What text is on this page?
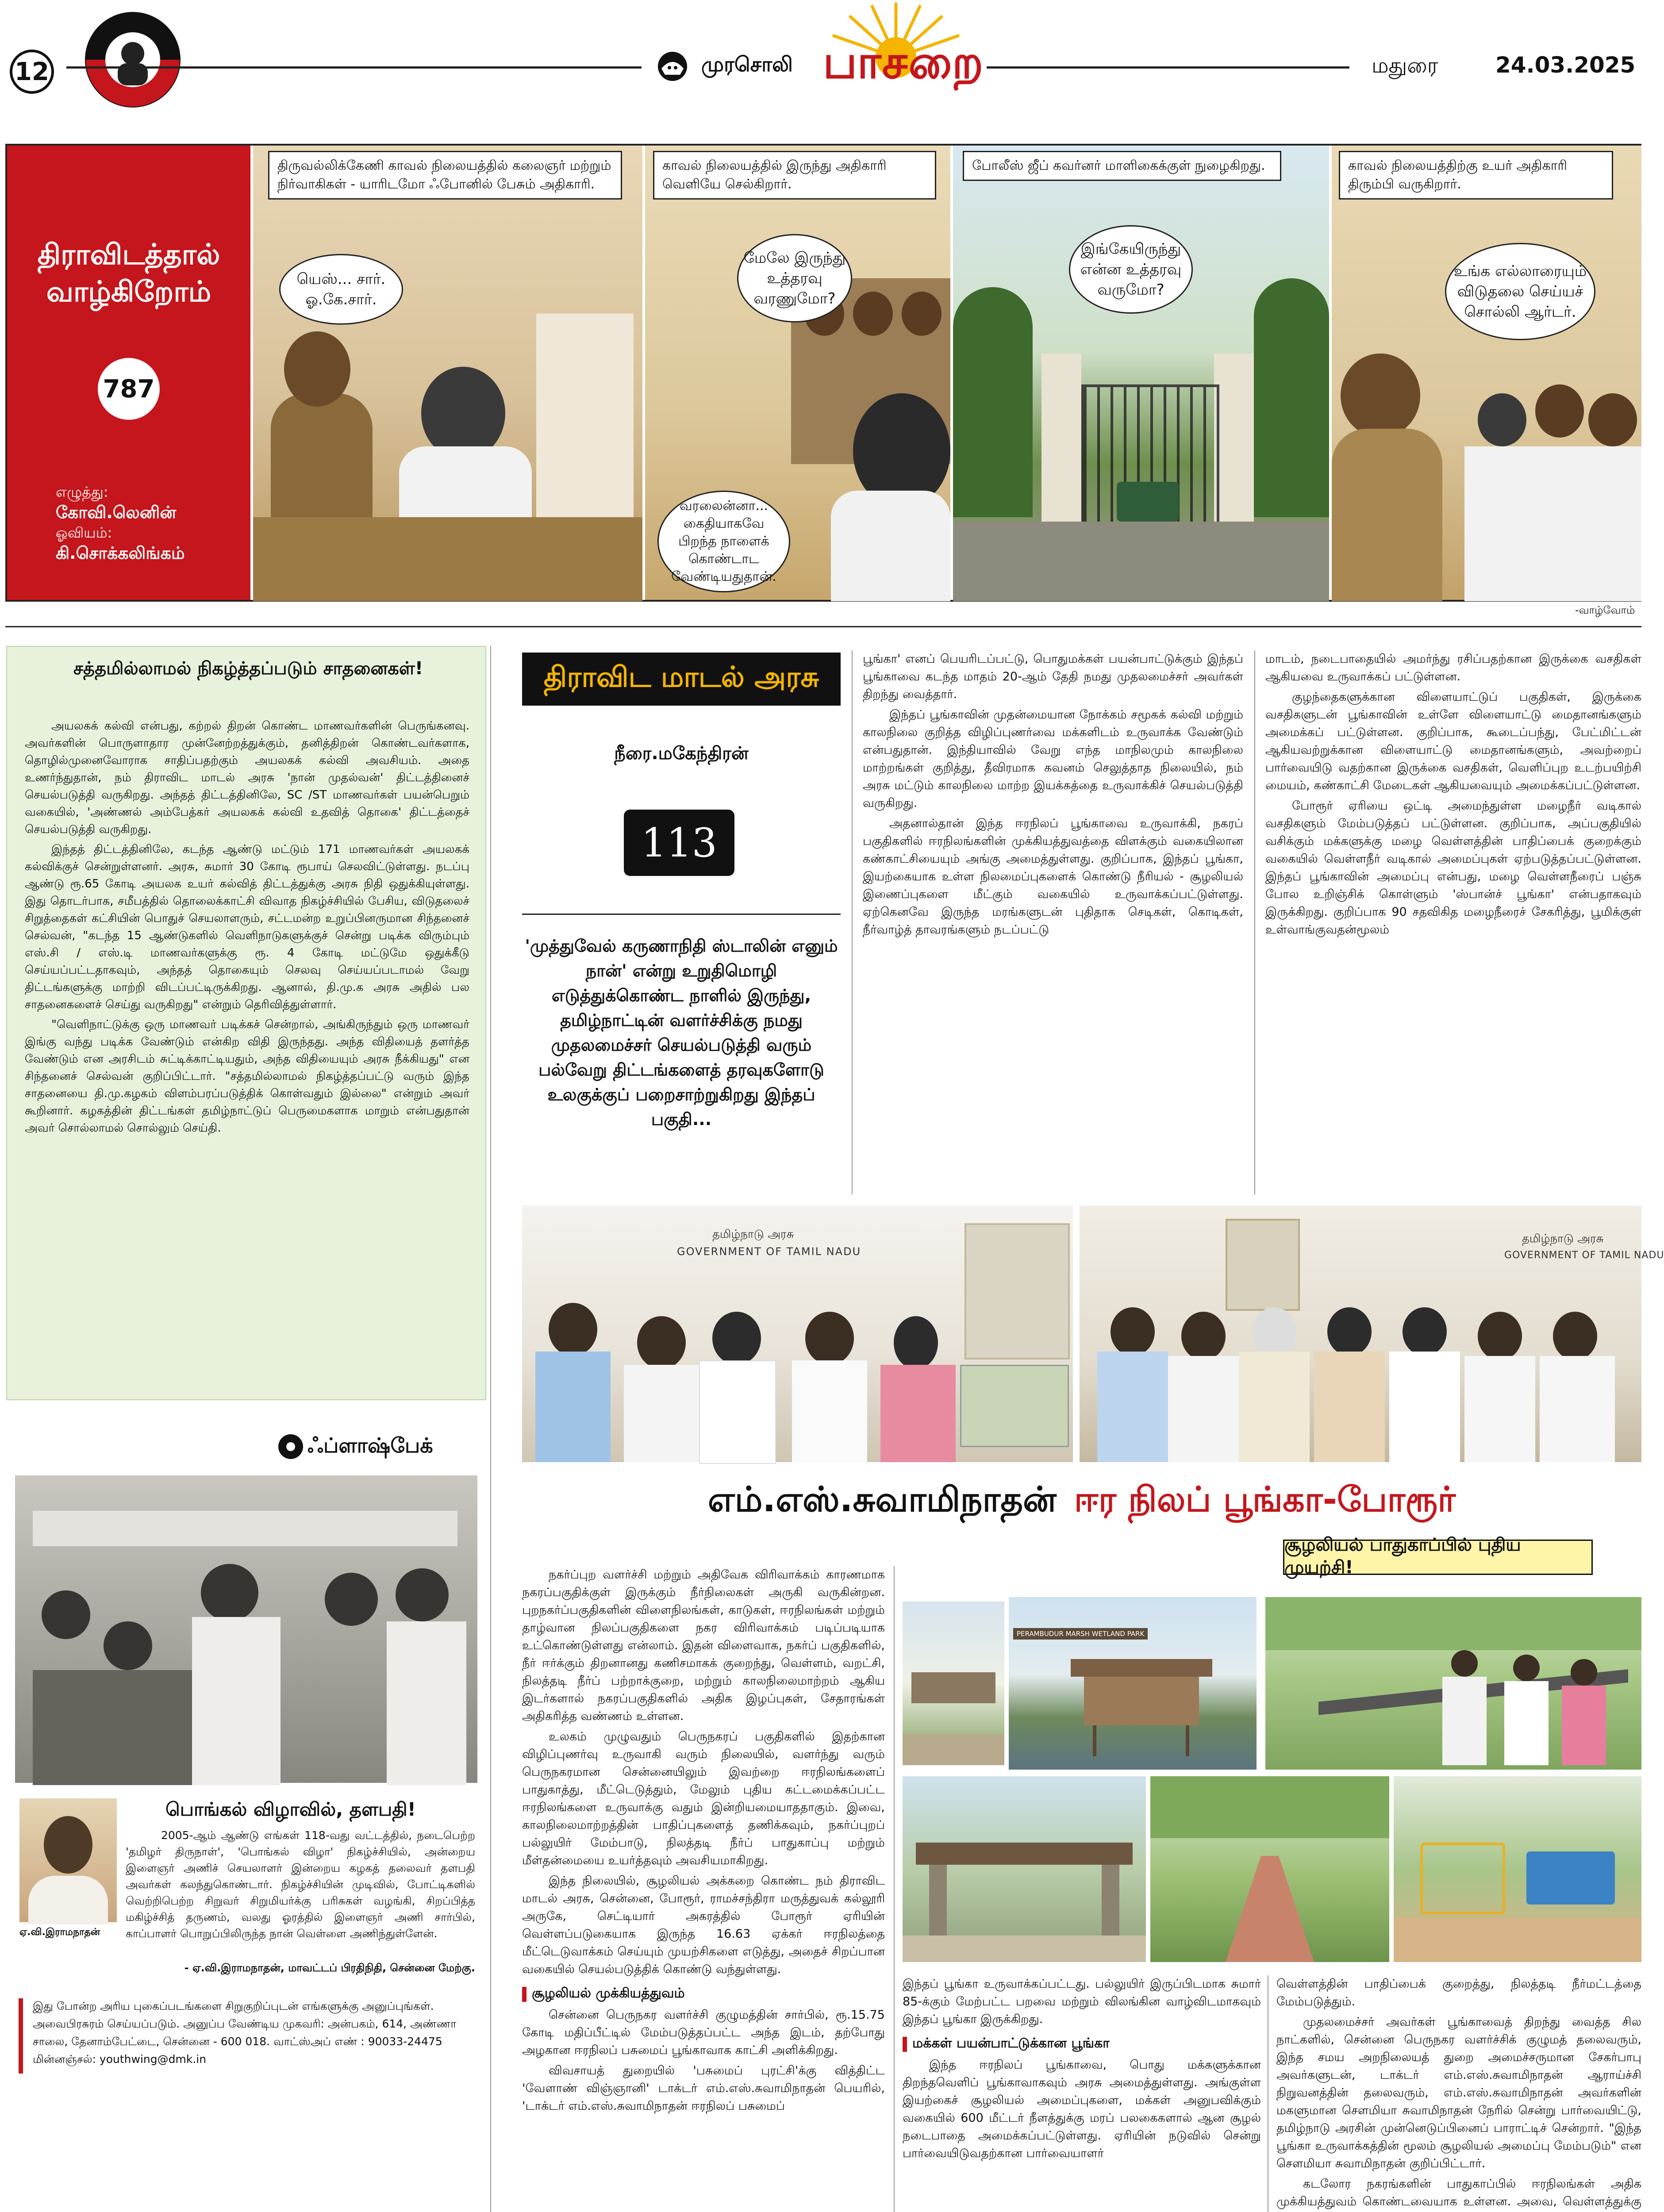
12	முரசொலி பாசறை	மதுரை	24.03.2025
திராவிடத்தால் வாழ்கிறோம்
787
எழுத்து:
கோவி.லெனின்
ஓவியம்:
கி.சொக்கலிங்கம்
திருவல்லிக்கேணி காவல் நிலையத்தில் கலைஞர் மற்றும் நிர்வாகிகள் - யாரிடமோ ஃபோனில் பேசும் அதிகாரி.
யெஸ்... சார். ஓ.கே.சார்.
காவல் நிலையத்தில் இருந்து அதிகாரி வெளியே செல்கிறார்.
மேலே இருந்து உத்தரவு வரணுமோ?
வரலைன்னா... கைதியாகவே பிறந்த நாளைக் கொண்டாட வேண்டியதுதான்.
போலீஸ் ஜீப் கவர்னர் மாளிகைக்குள் நுழைகிறது.
இங்கேயிருந்து என்ன உத்தரவு வருமோ?
காவல் நிலையத்திற்கு உயர் அதிகாரி திரும்பி வருகிறார்.
உங்க எல்லாரையும் விடுதலை செய்யச் சொல்லி ஆர்டர்.
-வாழ்வோம்
சத்தமில்லாமல் நிகழ்த்தப்படும் சாதனைகள்!

அயலகக் கல்வி என்பது, கற்றல் திறன் கொண்ட மாணவர்களின் பெருங்கனவு. அவர்களின் பொருளாதார முன்னேற்றத்துக்கும், தனித்திறன் கொண்டவர்களாக, தொழில்முனைவோராக சாதிப்பதற்கும் அயலகக் கல்வி அவசியம். அதை உணர்ந்துதான், நம் திராவிட மாடல் அரசு 'நான் முதல்வன்' திட்டத்தினைச் செயல்படுத்தி வருகிறது. அந்தத் திட்டத்தினிலே, SC /ST மாணவர்கள் பயன்பெறும் வகையில், 'அண்ணல் அம்பேத்கர் அயலகக் கல்வி உதவித் தொகை' திட்டத்தைச் செயல்படுத்தி வருகிறது.

இந்தத் திட்டத்தினிலே, கடந்த ஆண்டு மட்டும் 171 மாணவர்கள் அயலகக் கல்விக்குச் சென்றுள்ளனர். அரசு, சுமார் 30 கோடி ரூபாய் செலவிட்டுள்ளது. நடப்பு ஆண்டு ரூ.65 கோடி அயலக உயர் கல்வித் திட்டத்துக்கு அரசு நிதி ஒதுக்கியுள்ளது. இது தொடர்பாக, சமீபத்தில் தொலைக்காட்சி விவாத நிகழ்ச்சியில் பேசிய, விடுதலைச் சிறுத்தைகள் கட்சியின் பொதுச் செயலாளரும், சட்டமன்ற உறுப்பினருமான சிந்தனைச் செல்வன், "கடந்த 15 ஆண்டுகளில் வெளிநாடுகளுக்குச் சென்று படிக்க விரும்பும் எஸ்.சி / எஸ்.டி மாணவர்களுக்கு ரூ. 4 கோடி மட்டுமே ஒதுக்கீடு செய்யப்பட்டதாகவும், அந்தத் தொகையும் செலவு செய்யப்படாமல் வேறு திட்டங்களுக்கு மாற்றி விடப்பட்டிருக்கிறது. ஆனால், தி.மு.க அரசு அதில் பல சாதனைகளைச் செய்து வருகிறது" என்றும் தெரிவித்துள்ளார்.

"வெளிநாட்டுக்கு ஒரு மாணவர் படிக்கச் சென்றால், அங்கிருந்தும் ஒரு மாணவர் இங்கு வந்து படிக்க வேண்டும் என்கிற விதி இருந்தது. அந்த விதியைத் தளர்த்த வேண்டும் என அரசிடம் சுட்டிக்காட்டியதும், அந்த விதியையும் அரசு நீக்கியது" என சிந்தனைச் செல்வன் குறிப்பிட்டார். "சத்தமில்லாமல் நிகழ்த்தப்பட்டு வரும் இந்த சாதனையை தி.மு.கழகம் விளம்பரப்படுத்திக் கொள்வதும் இல்லை" என்றும் அவர் கூறினார். கழகத்தின் திட்டங்கள் தமிழ்நாட்டுப் பெருமைகளாக மாறும் என்பதுதான் அவர் சொல்லாமல் சொல்லும் செய்தி.

ஃப்ளாஷ்பேக்
ஏ.வி.இராமநாதன்
பொங்கல் விழாவில், தளபதி!
2005-ஆம் ஆண்டு எங்கள் 118-வது வட்டத்தில், நடைபெற்ற 'தமிழர் திருநாள்', 'பொங்கல் விழா' நிகழ்ச்சியில், அன்றைய இளைஞர் அணிச் செயலாளர் இன்றைய கழகத் தலைவர் தளபதி அவர்கள் கலந்துகொண்டார். நிகழ்ச்சியின் முடிவில், போட்டிகளில் வெற்றிபெற்ற சிறுவர் சிறுமியர்க்கு பரிசுகள் வழங்கி, சிறப்பித்த மகிழ்ச்சித் தருணம், வலது ஓரத்தில் இளைஞர் அணி சார்பில், காப்பாளர் பொறுப்பிலிருந்த நான் வெள்ளை அணிந்துள்ளேன்.
- ஏ.வி.இராமநாதன், மாவட்டப் பிரதிநிதி, சென்னை மேற்கு.
இது போன்ற அரிய புகைப்படங்களை சிறுகுறிப்புடன் எங்களுக்கு அனுப்புங்கள். அவைபிரசுரம் செய்யப்படும். அனுப்ப வேண்டிய முகவரி: அன்பகம், 614, அண்ணா சாலை, தேனாம்பேட்டை, சென்னை - 600 018. வாட்ஸ்அப் எண் : 90033-24475 மின்னஞ்சல்: youthwing@dmk.in
திராவிட மாடல் அரசு
நீரை.மகேந்திரன்
113
'முத்துவேல் கருணாநிதி ஸ்டாலின் எனும் நான்' என்று உறுதிமொழி எடுத்துக்கொண்ட நாளில் இருந்து, தமிழ்நாட்டின் வளர்ச்சிக்கு நமது முதலமைச்சர் செயல்படுத்தி வரும் பல்வேறு திட்டங்களைத் தரவுகளோடு உலகுக்குப் பறைசாற்றுகிறது இந்தப் பகுதி...

பூங்கா' எனப் பெயரிடப்பட்டு, பொதுமக்கள் பயன்பாட்டுக்கும் இந்தப் பூங்காவை கடந்த மாதம் 20-ஆம் தேதி நமது முதலமைச்சர் அவர்கள் திறந்து வைத்தார்.

இந்தப் பூங்காவின் முதன்மையான நோக்கம் சமூகக் கல்வி மற்றும் காலநிலை குறித்த விழிப்புணர்வை மக்களிடம் உருவாக்க வேண்டும் என்பதுதான். இந்தியாவில் வேறு எந்த மாநிலமும் காலநிலை மாற்றங்கள் குறித்து, தீவிரமாக கவனம் செலுத்தாத நிலையில், நம் அரசு மட்டும் காலநிலை மாற்ற இயக்கத்தை உருவாக்கிச் செயல்படுத்தி வருகிறது.

அதனால்தான் இந்த ஈரநிலப் பூங்காவை உருவாக்கி, நகரப் பகுதிகளில் ஈரநிலங்களின் முக்கியத்துவத்தை விளக்கும் வகையிலான கண்காட்சியையும் அங்கு அமைத்துள்ளது. குறிப்பாக, இந்தப் பூங்கா, இயற்கையாக உள்ள நிலமைப்புகளைக் கொண்டு நீரியல் - சூழலியல் இணைப்புகளை மீட்கும் வகையில் உருவாக்கப்பட்டுள்ளது. ஏற்கெனவே இருந்த மரங்களுடன் புதிதாக செடிகள், கொடிகள், நீர்வாழ்த் தாவரங்களும் நடப்பட்டு

மாடம், நடைபாதையில் அமர்ந்து ரசிப்பதற்கான இருக்கை வசதிகள் ஆகியவை உருவாக்கப் பட்டுள்ளன.

குழந்தைகளுக்கான விளையாட்டுப் பகுதிகள், இருக்கை வசதிகளுடன் பூங்காவின் உள்ளே விளையாட்டு மைதானங்களும் அமைக்கப் பட்டுள்ளன. குறிப்பாக, கூடைப்பந்து, பேட்மிட்டன் ஆகியவற்றுக்கான விளையாட்டு மைதானங்களும், அவற்றைப் பார்வையிடு வதற்கான இருக்கை வசதிகள், வெளிப்புற உடற்பயிற்சி மையம், கண்காட்சி மேடைகள் ஆகியவையும் அமைக்கப்பட்டுள்ளன.

போரூர் ஏரியை ஒட்டி அமைந்துள்ள மழைநீர் வடிகால் வசதிகளும் மேம்படுத்தப் பட்டுள்ளன. குறிப்பாக, அப்பகுதியில் வசிக்கும் மக்களுக்கு மழை வெள்ளத்தின் பாதிப்பைக் குறைக்கும் வகையில் வெள்ளநீர் வடிகால் அமைப்புகள் ஏற்படுத்தப்பட்டுள்ளன. இந்தப் பூங்காவின் அமைப்பு என்பது, மழை வெள்ளநீரைப் பஞ்சு போல உறிஞ்சிக் கொள்ளும் 'ஸ்பான்ச் பூங்கா' என்பதாகவும் இருக்கிறது. குறிப்பாக 90 சதவிகித மழைநீரைச் சேகரித்து, பூமிக்குள் உள்வாங்குவதன்மூலம்

GOVERNMENT OF TAMIL NADU
தமிழ்நாடு அரசு	தமிழ்நாடு அரசு
GOVERNMENT OF TAMIL NADU
எம்.எஸ்.சுவாமிநாதன் ஈர நிலப் பூங்கா-போரூர்
சூழலியல் பாதுகாப்பில் புதிய முயற்சி!

நகர்ப்புற வளர்ச்சி மற்றும் அதிவேக விரிவாக்கம் காரணமாக நகரப்பகுதிக்குள் இருக்கும் நீர்நிலைகள் அருகி வருகின்றன. புறநகர்ப்பகுதிகளின் விளைநிலங்கள், காடுகள், ஈரநிலங்கள் மற்றும் தாழ்வான நிலப்பகுதிகளை நகர விரிவாக்கம் படிப்படியாக உட்கொண்டுள்ளது என்லாம். இதன் விளைவாக, நகர்ப் பகுதிகளில், நீர் ஈர்க்கும் திறனானது கணிசமாகக் குறைந்து, வெள்ளம், வறட்சி, நிலத்தடி நீர்ப் பற்றாக்குறை, மற்றும் காலநிலைமாற்றம் ஆகிய இடர்களால் நகரப்பகுதிகளில் அதிக இழப்புகள், சேதாரங்கள் அதிகரித்த வண்ணம் உள்ளன.

உலகம் முழுவதும் பெருநகரப் பகுதிகளில் இதற்கான விழிப்புணர்வு உருவாகி வரும் நிலையில், வளர்ந்து வரும் பெருநகரமான சென்னையிலும் இவற்றை ஈரநிலங்களைப் பாதுகாத்து, மீட்டெடுத்தும், மேலும் புதிய கட்டமைக்கப்பட்ட ஈரநிலங்களை உருவாக்கு வதும் இன்றியமையாததாகும். இவை, காலநிலைமாற்றத்தின் பாதிப்புகளைத் தணிக்கவும், நகர்ப்புறப் பல்லுயிர் மேம்பாடு, நிலத்தடி நீர்ப் பாதுகாப்பு மற்றும் மீள்தன்மையை உயர்த்தவும் அவசியமாகிறது.

இந்த நிலையில், சூழலியல் அக்கறை கொண்ட நம் திராவிட மாடல் அரசு, சென்னை, போரூர், ராமச்சந்திரா மருத்துவக் கல்லூரி அருகே, செட்டியார் அகரத்தில் போரூர் ஏரியின் வெள்ளப்படுகையாக இருந்த 16.63 ஏக்கர் ஈரநிலத்தை மீட்டெடுவாக்கம் செய்யும் முயற்சிகளை எடுத்து, அதைச் சிறப்பான வகையில் செயல்படுத்திக் கொண்டு வந்துள்ளது.

சூழலியல் முக்கியத்துவம்

சென்னை பெருநகர வளர்ச்சி குழுமத்தின் சார்பில், ரூ.15.75 கோடி மதிப்பீட்டில் மேம்படுத்தப்பட்ட அந்த இடம், தற்போது அழகான ஈரநிலப் பசுமைப் பூங்காவாக காட்சி அளிக்கிறது.

விவசாயத் துறையில் 'பசுமைப் புரட்சி'க்கு வித்திட்ட 'வேளாண் விஞ்ஞானி' டாக்டர் எம்.எஸ்.சுவாமிநாதன் பெயரில், 'டாக்டர் எம்.எஸ்.சுவாமிநாதன் ஈரநிலப் பசுமைப்

PERAMBUDUR MARSH WETLAND PARK

இந்தப் பூங்கா உருவாக்கப்பட்டது. பல்லுயிர் இருப்பிடமாக சுமார் 85-க்கும் மேற்பட்ட பறவை மற்றும் விலங்கின வாழ்விடமாகவும் இந்தப் பூங்கா இருக்கிறது.

மக்கள் பயன்பாட்டுக்கான பூங்கா

இந்த ஈரநிலப் பூங்காவை, பொது மக்களுக்கான திறந்தவெளிப் பூங்காவாகவும் அரசு அமைத்துள்ளது. அங்குள்ள இயற்கைச் சூழலியல் அமைப்புகளை, மக்கள் அனுபவிக்கும் வகையில் 600 மீட்டர் நீளத்துக்கு மரப் பலகைகளால் ஆன சூழல் நடைபாதை அமைக்கப்பட்டுள்ளது. ஏரியின் நடுவில் சென்று பார்வையிடுவதற்கான பார்வையாளர்

வெள்ளத்தின் பாதிப்பைக் குறைத்து, நிலத்தடி நீர்மட்டத்தை மேம்படுத்தும்.

முதலமைச்சர் அவர்கள் பூங்காவைத் திறந்து வைத்த சில நாட்களில், சென்னை பெருநகர வளர்ச்சிக் குழுமத் தலைவரும், இந்த சமய அறநிலையத் துறை அமைச்சருமான சேகர்பாபு அவர்களுடன், டாக்டர் எம்.எஸ்.சுவாமிநாதன் ஆராய்ச்சி நிறுவனத்தின் தலைவரும், எம்.எஸ்.சுவாமிநாதன் அவர்களின் மகளுமான சௌமியா சுவாமிநாதன் நேரில் சென்று பார்வையிட்டு, தமிழ்நாடு அரசின் முன்னெடுப்பினைப் பாராட்டிச் சென்றார். "இந்த பூங்கா உருவாக்கத்தின் மூலம் சூழலியல் அமைப்பு மேம்படும்" என சௌமியா சுவாமிநாதன் குறிப்பிட்டார்.

கடலோர நகரங்களின் பாதுகாப்பில் ஈரநிலங்கள் அதிக முக்கியத்துவம் கொண்டவையாக உள்ளன. அவை, வெள்ளத்துக்கு
